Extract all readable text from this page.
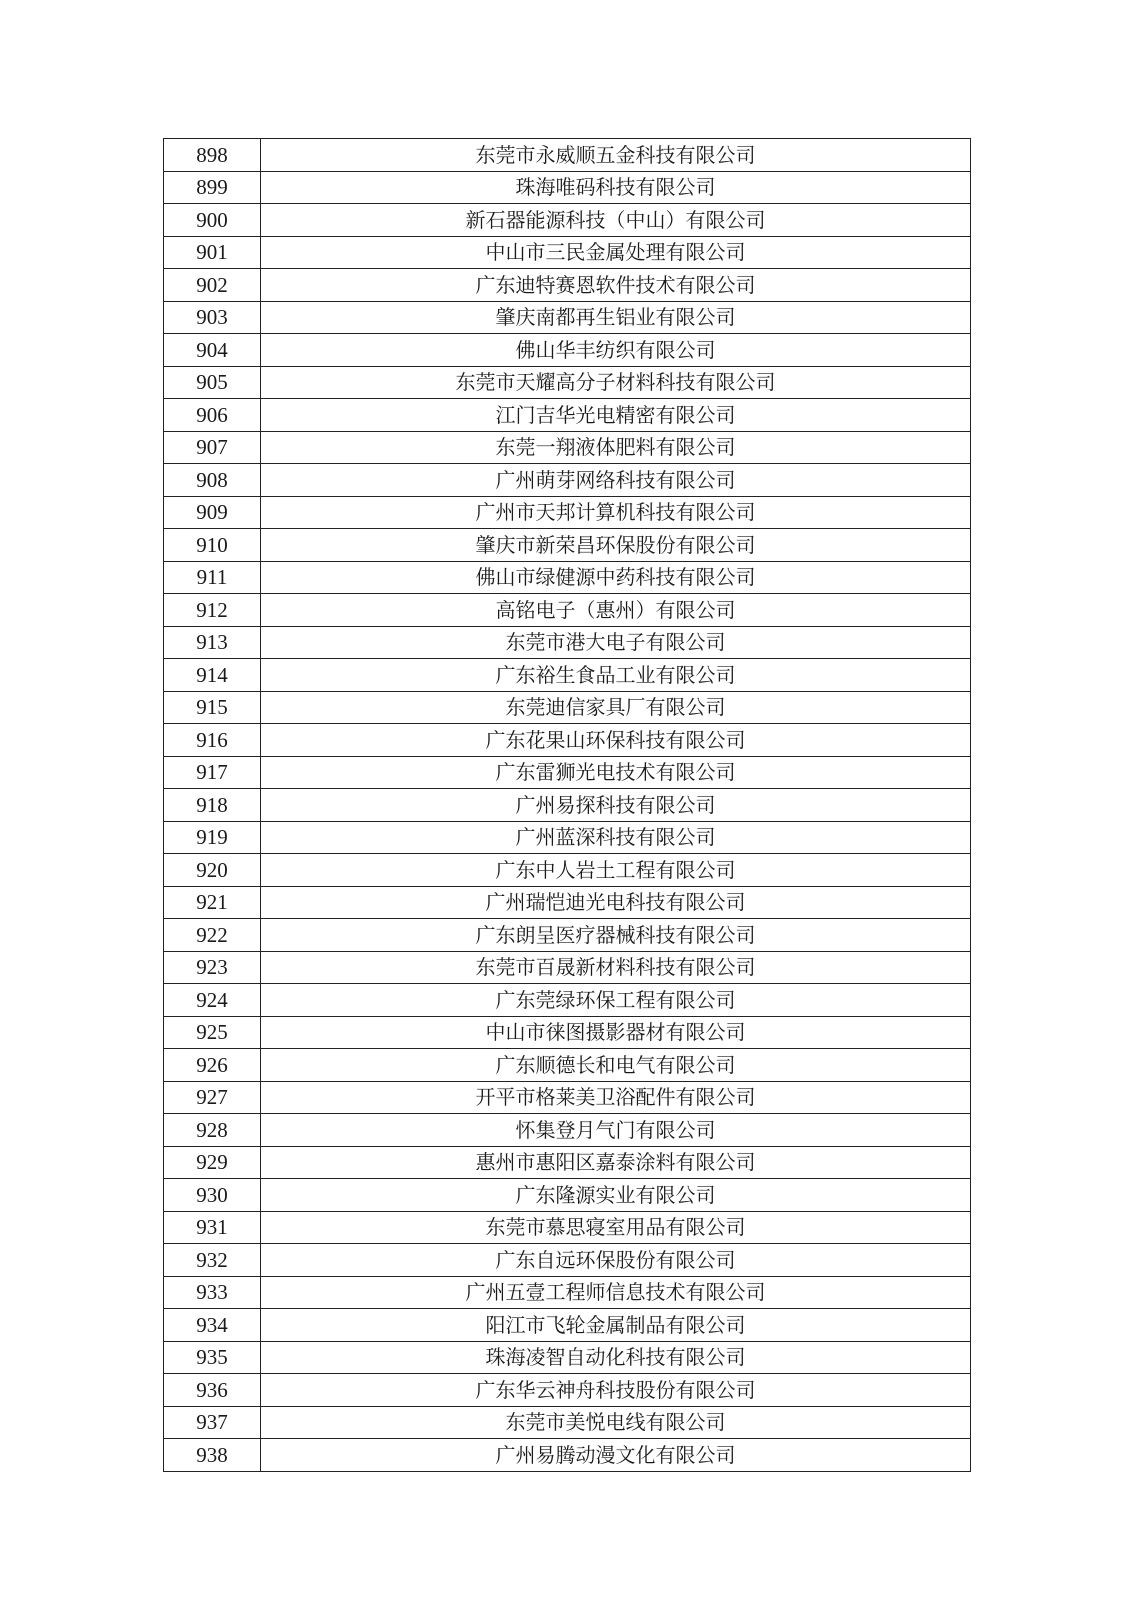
898	东莞市永威顺五金科技有限公司
899	珠海唯码科技有限公司
900	新石器能源科技（中山）有限公司
901	中山市三民金属处理有限公司
902	广东迪特赛恩软件技术有限公司
903	肇庆南都再生铝业有限公司
904	佛山华丰纺织有限公司
905	东莞市天耀高分子材料科技有限公司
906	江门吉华光电精密有限公司
907	东莞一翔液体肥料有限公司
908	广州萌芽网络科技有限公司
909	广州市天邦计算机科技有限公司
910	肇庆市新荣昌环保股份有限公司
911	佛山市绿健源中药科技有限公司
912	高铭电子（惠州）有限公司
913	东莞市港大电子有限公司
914	广东裕生食品工业有限公司
915	东莞迪信家具厂有限公司
916	广东花果山环保科技有限公司
917	广东雷狮光电技术有限公司
918	广州易探科技有限公司
919	广州蓝深科技有限公司
920	广东中人岩土工程有限公司
921	广州瑞恺迪光电科技有限公司
922	广东朗呈医疗器械科技有限公司
923	东莞市百晟新材料科技有限公司
924	广东莞绿环保工程有限公司
925	中山市徕图摄影器材有限公司
926	广东顺德长和电气有限公司
927	开平市格莱美卫浴配件有限公司
928	怀集登月气门有限公司
929	惠州市惠阳区嘉泰涂料有限公司
930	广东隆源实业有限公司
931	东莞市慕思寝室用品有限公司
932	广东自远环保股份有限公司
933	广州五壹工程师信息技术有限公司
934	阳江市飞轮金属制品有限公司
935	珠海凌智自动化科技有限公司
936	广东华云神舟科技股份有限公司
937	东莞市美悦电线有限公司
938	广州易腾动漫文化有限公司
